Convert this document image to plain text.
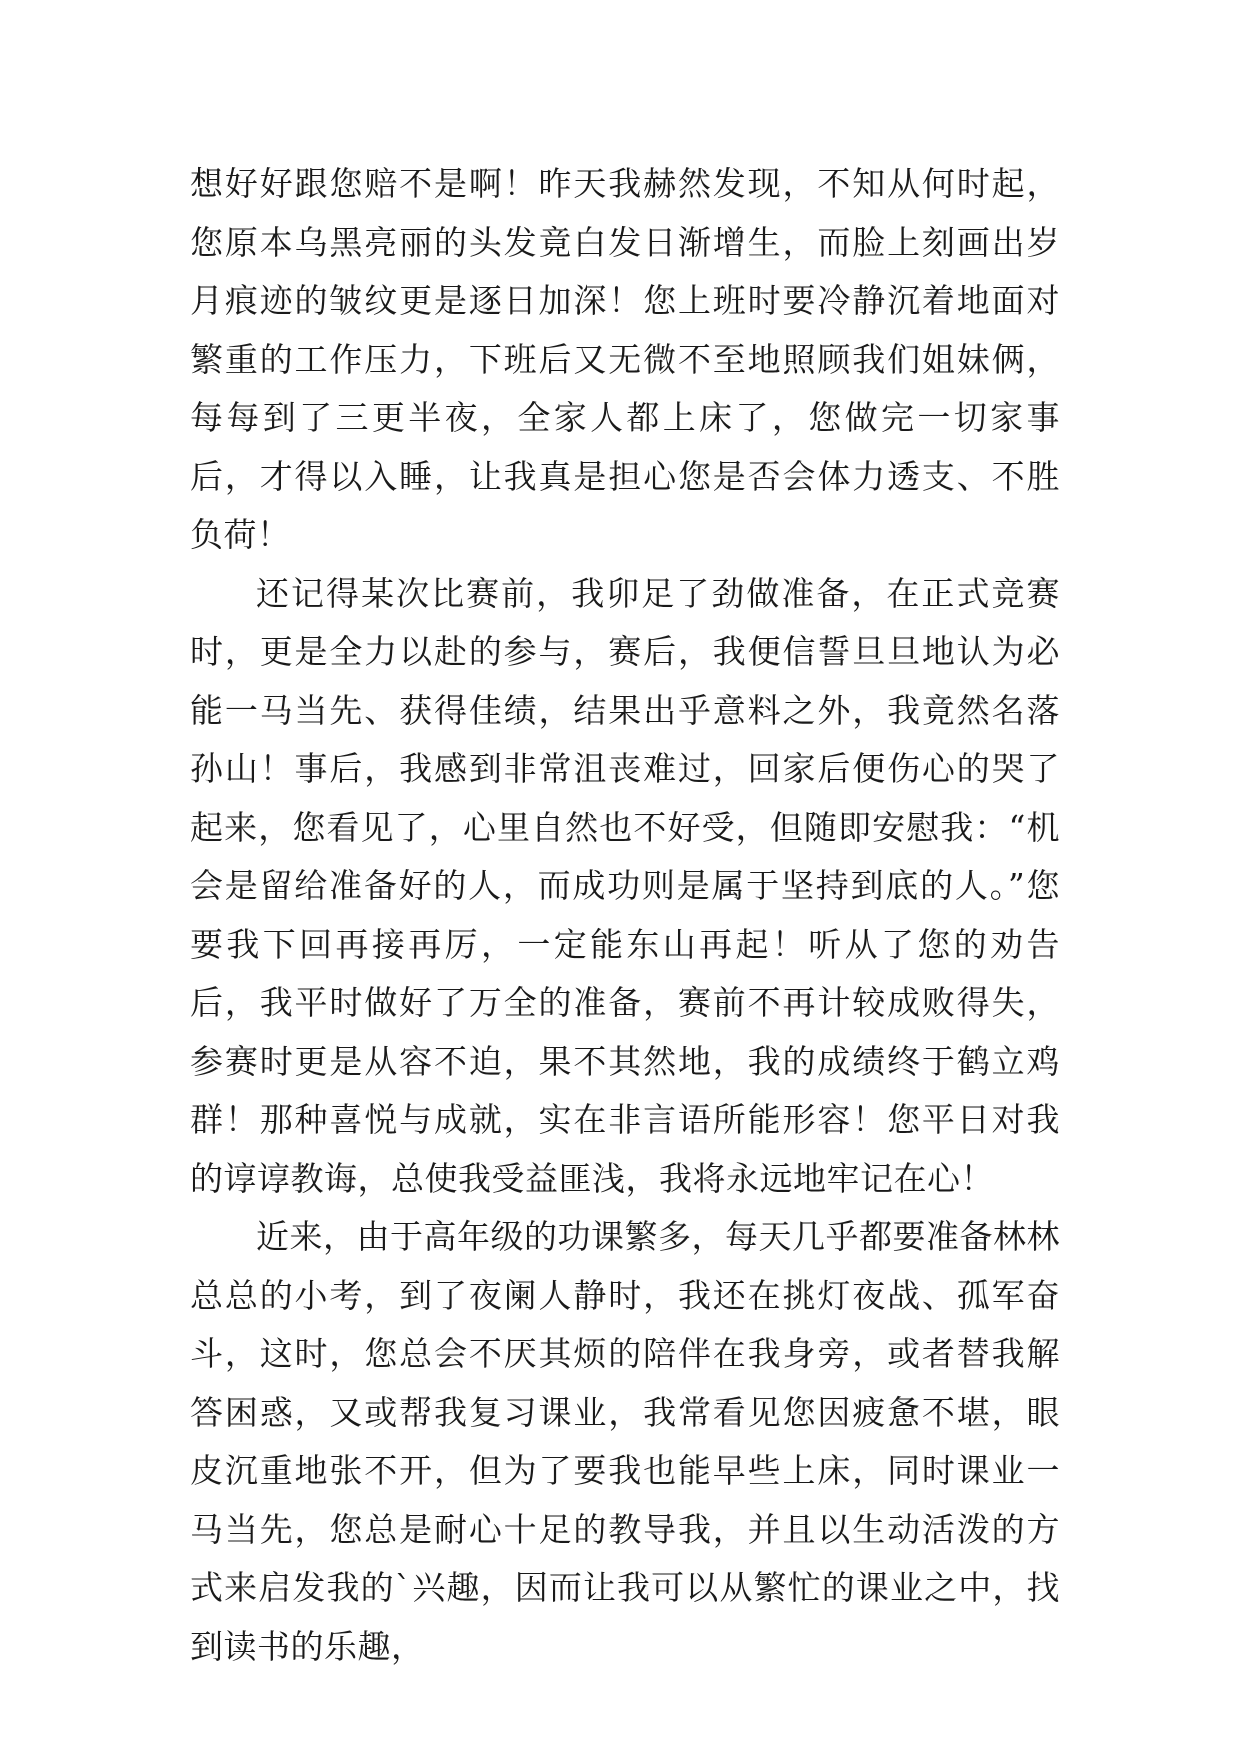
想好好跟您赔不是啊！昨天我赫然发现，不知从何时起，您原本乌黑亮丽的头发竟白发日渐增生，而脸上刻画出岁月痕迹的皱纹更是逐日加深！您上班时要冷静沉着地面对繁重的工作压力，下班后又无微不至地照顾我们姐妹俩，每每到了三更半夜，全家人都上床了，您做完一切家事后，才得以入睡，让我真是担心您是否会体力透支、不胜负荷！

还记得某次比赛前，我卯足了劲做准备，在正式竞赛时，更是全力以赴的参与，赛后，我便信誓旦旦地认为必能一马当先、获得佳绩，结果出乎意料之外，我竟然名落孙山！事后，我感到非常沮丧难过，回家后便伤心的哭了起来，您看见了，心里自然也不好受，但随即安慰我：“机会是留给准备好的人，而成功则是属于坚持到底的人。”您要我下回再接再厉，一定能东山再起！听从了您的劝告后，我平时做好了万全的准备，赛前不再计较成败得失，参赛时更是从容不迫，果不其然地，我的成绩终于鹤立鸡群！那种喜悦与成就，实在非言语所能形容！您平日对我的谆谆教诲，总使我受益匪浅，我将永远地牢记在心！

近来，由于高年级的功课繁多，每天几乎都要准备林林总总的小考，到了夜阑人静时，我还在挑灯夜战、孤军奋斗，这时，您总会不厌其烦的陪伴在我身旁，或者替我解答困惑，又或帮我复习课业，我常看见您因疲惫不堪，眼皮沉重地张不开，但为了要我也能早些上床，同时课业一马当先，您总是耐心十足的教导我，并且以生动活泼的方式来启发我的`兴趣，因而让我可以从繁忙的课业之中，找到读书的乐趣，
